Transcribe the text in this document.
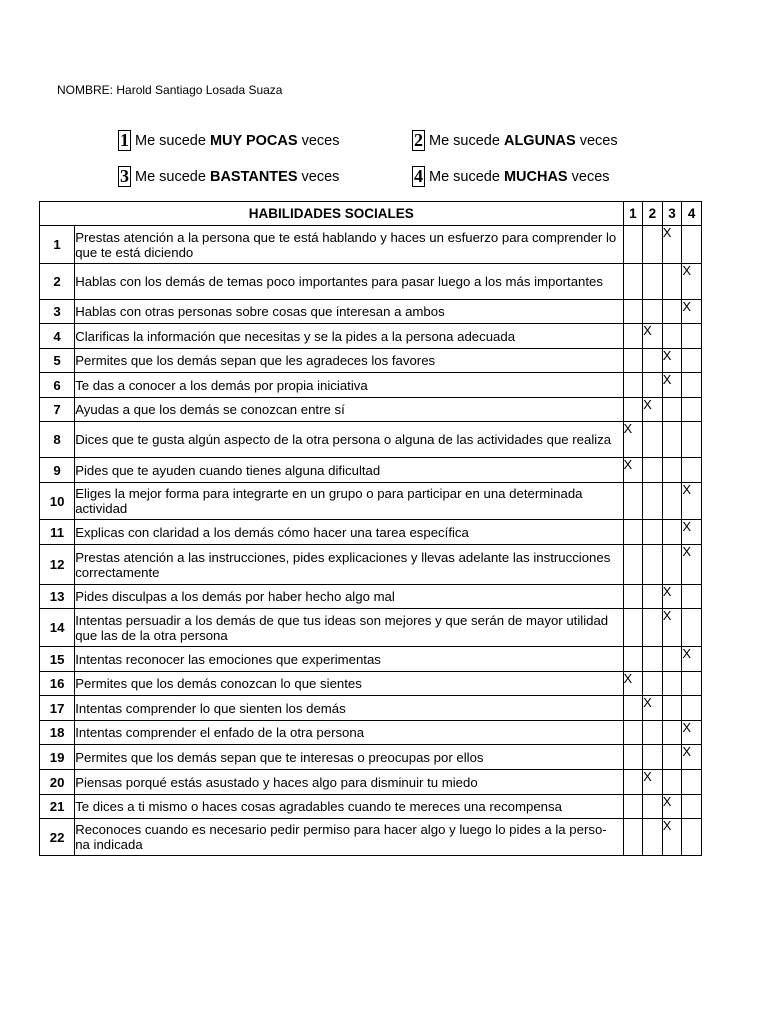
NOMBRE: Harold Santiago Losada Suaza
1 Me sucede
MUY POCAS
veces	2 Me sucede
ALGUNAS
veces
3 Me sucede
BASTANTES
veces	4 Me sucede
MUCHAS
veces
HABILIDADES SOCIALES		1	2	3	4
1	Prestas atención a la persona que te está hablando y haces un esfuerzo para comprender lo que te está diciendo			X	

2	Hablas con los demás de temas poco importantes para pasar luego a los más importantes				X

3	Hablas con otras personas sobre cosas que interesan a ambos				X

4	Clarificas la información que necesitas y se la pides a la persona adecuada		X		

5	Permites que los demás sepan que les agradeces los favores			X	

6	Te das a conocer a los demás por propia iniciativa			X	

7	Ayudas a que los demás se conozcan entre sí		X		

8	Dices que te gusta algún aspecto de la otra persona o alguna de las actividades que realiza	X			

9	Pides que te ayuden cuando tienes alguna dificultad	X			

10	Eliges la mejor forma para integrarte en un grupo o para participar en una determinada actividad				X

11	Explicas con claridad a los demás cómo hacer una tarea específica				X

12	Prestas atención a las instrucciones, pides explicaciones y llevas adelante las instrucciones correctamente				X

13	Pides disculpas a los demás por haber hecho algo mal			X	

14	Intentas persuadir a los demás de que tus ideas son mejores y que serán de mayor utilidad que las de la otra persona			X	

15	Intentas reconocer las emociones que experimentas				X

16	Permites que los demás conozcan lo que sientes	X			

17	Intentas comprender lo que sienten los demás		X		

18	Intentas comprender el enfado de la otra persona				X

19	Permites que los demás sepan que te interesas o preocupas por ellos				X

20	Piensas porqué estás asustado y haces algo para disminuir tu miedo		X		

21	Te dices a ti mismo o haces cosas agradables cuando te mereces una recompensa			X	

22	Reconoces cuando es necesario pedir permiso para hacer algo y luego lo pides a la perso- na indicada			X	
